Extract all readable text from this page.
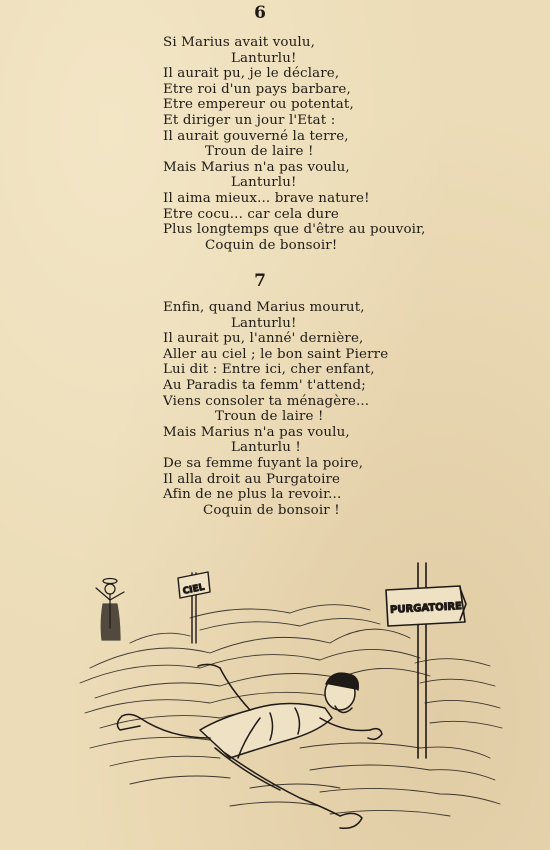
6
Si Marius avait voulu,
Lanturlu!
Il aurait pu, je le déclare,
Etre roi d'un pays barbare,
Etre empereur ou potentat,
Et diriger un jour l'Etat :
Il aurait gouverné la terre,
Troun de laire !
Mais Marius n'a pas voulu,
Lanturlu!
Il aima mieux... brave nature!
Etre cocu... car cela dure
Plus longtemps que d'être au pouvoir,
Coquin de bonsoir!
7
Enfin, quand Marius mourut,
Lanturlu!
Il aurait pu, l'anné' dernière,
Aller au ciel ; le bon saint Pierre
Lui dit : Entre ici, cher enfant,
Au Paradis ta femm' t'attend;
Viens consoler ta ménagère...
Troun de laire !
Mais Marius n'a pas voulu,
Lanturlu !
De sa femme fuyant la poire,
Il alla droit au Purgatoire
Afin de ne plus la revoir...
Coquin de bonsoir !
CIEL
PURGATOIRE
